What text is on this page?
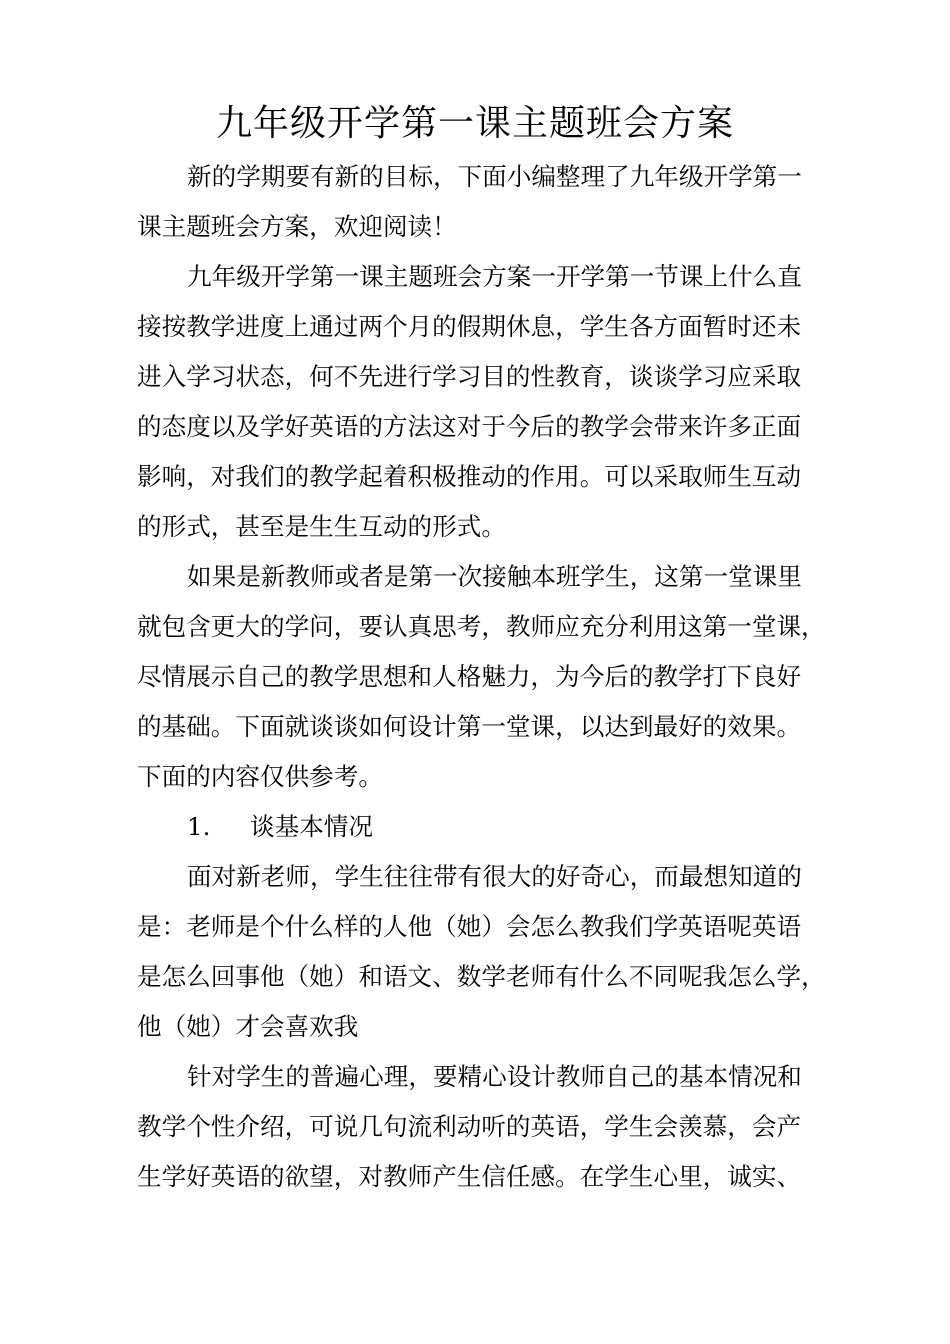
九年级开学第一课主题班会方案
新的学期要有新的目标，下面小编整理了九年级开学第一
课主题班会方案，欢迎阅读！
九年级开学第一课主题班会方案一开学第一节课上什么直
接按教学进度上通过两个月的假期休息，学生各方面暂时还未
进入学习状态，何不先进行学习目的性教育，谈谈学习应采取
的态度以及学好英语的方法这对于今后的教学会带来许多正面
影响，对我们的教学起着积极推动的作用。可以采取师生互动
的形式，甚至是生生互动的形式。
如果是新教师或者是第一次接触本班学生，这第一堂课里
就包含更大的学问，要认真思考，教师应充分利用这第一堂课，
尽情展示自己的教学思想和人格魅力，为今后的教学打下良好
的基础。下面就谈谈如何设计第一堂课，以达到最好的效果。
下面的内容仅供参考。
1. 谈基本情况
面对新老师，学生往往带有很大的好奇心，而最想知道的
是：老师是个什么样的人他（她）会怎么教我们学英语呢英语
是怎么回事他（她）和语文、数学老师有什么不同呢我怎么学，
他（她）才会喜欢我
针对学生的普遍心理，要精心设计教师自己的基本情况和
教学个性介绍，可说几句流利动听的英语，学生会羡慕，会产
生学好英语的欲望，对教师产生信任感。在学生心里，诚实、
